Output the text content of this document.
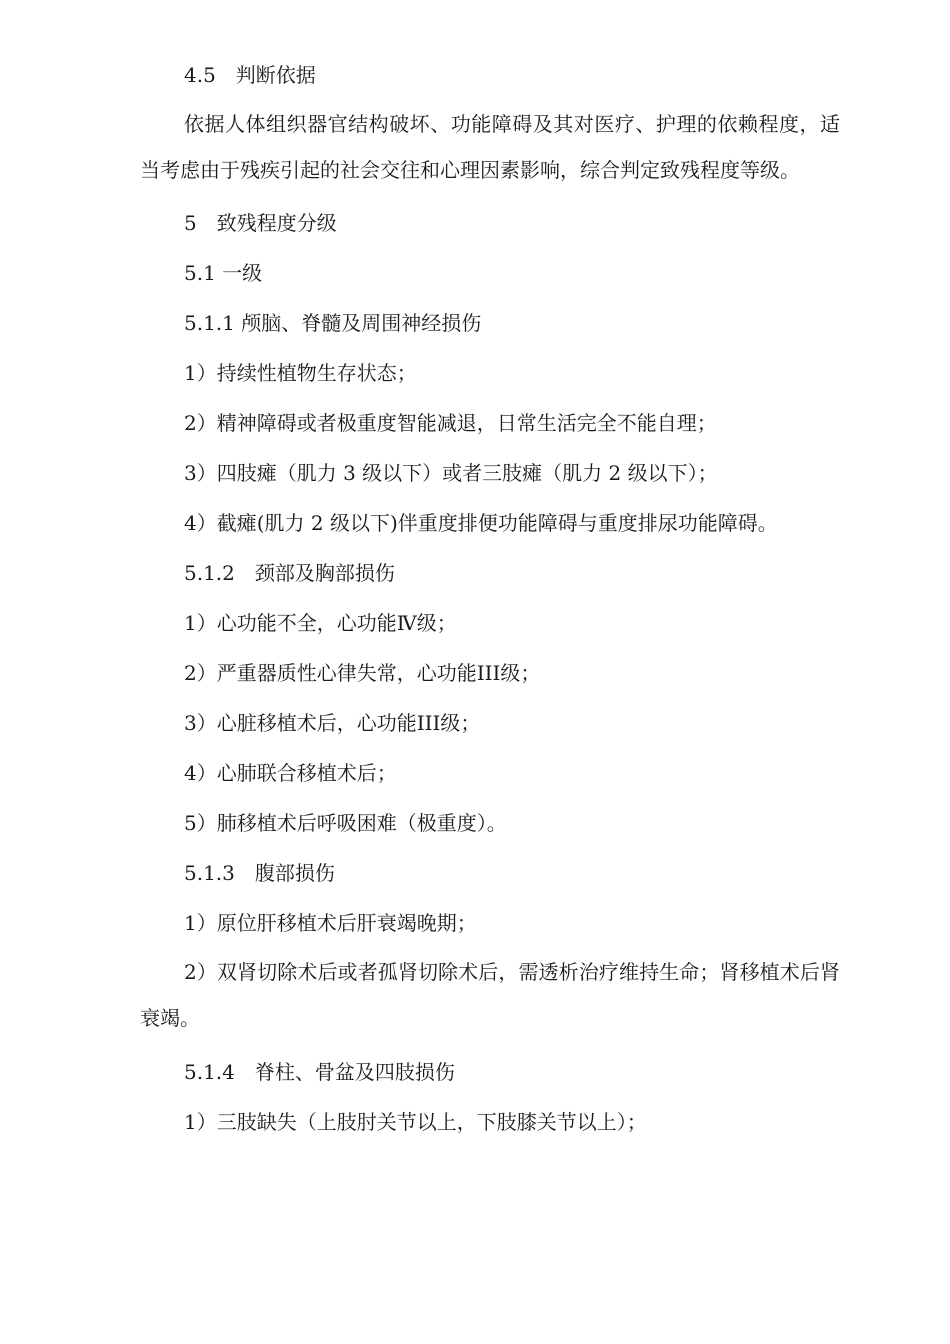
4.5　判断依据
依据人体组织器官结构破坏、功能障碍及其对医疗、护理的依赖程度，适当考虑由于残疾引起的社会交往和心理因素影响，综合判定致残程度等级。
5　致残程度分级
5.1 一级
5.1.1 颅脑、脊髓及周围神经损伤
1）持续性植物生存状态；
2）精神障碍或者极重度智能减退，日常生活完全不能自理；
3）四肢瘫（肌力 3 级以下）或者三肢瘫（肌力 2 级以下）；
4）截瘫(肌力 2 级以下)伴重度排便功能障碍与重度排尿功能障碍。
5.1.2　颈部及胸部损伤
1）心功能不全，心功能Ⅳ级；
2）严重器质性心律失常，心功能III级；
3）心脏移植术后，心功能III级；
4）心肺联合移植术后；
5）肺移植术后呼吸困难（极重度）。
5.1.3　腹部损伤
1）原位肝移植术后肝衰竭晚期；
2）双肾切除术后或者孤肾切除术后，需透析治疗维持生命；肾移植术后肾衰竭。
5.1.4　脊柱、骨盆及四肢损伤
1）三肢缺失（上肢肘关节以上，下肢膝关节以上）；
